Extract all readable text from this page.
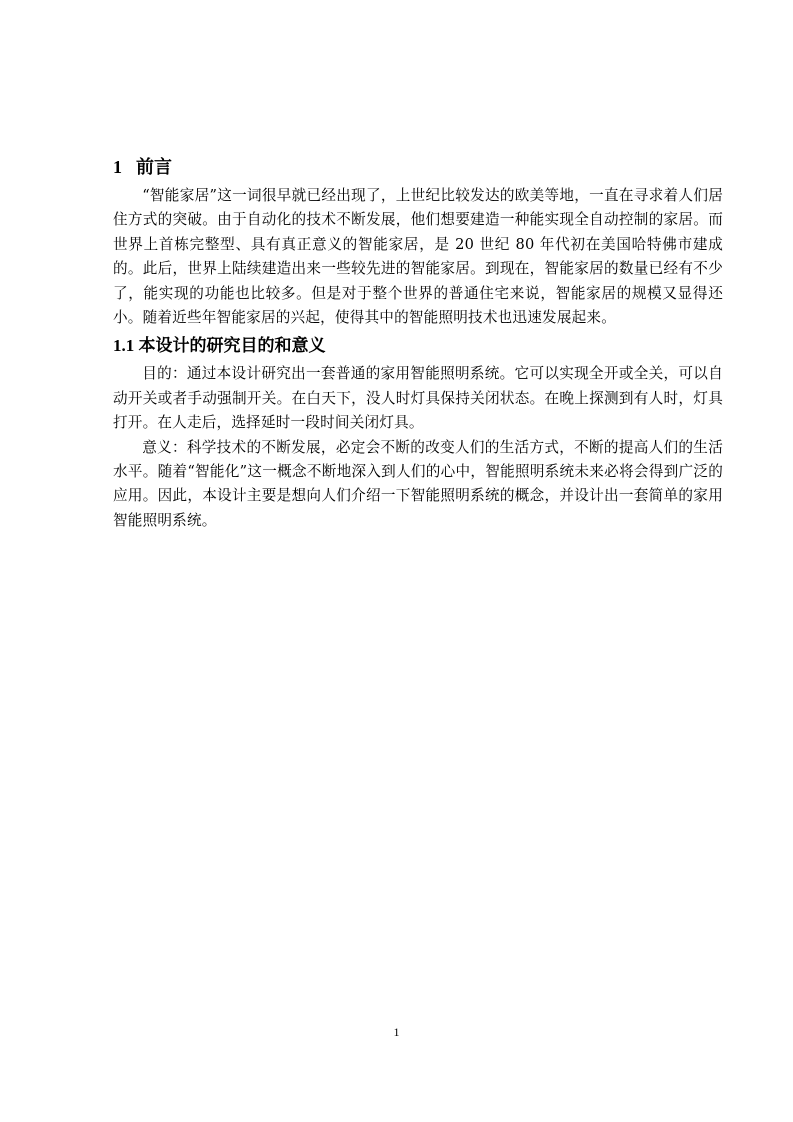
1 前言

“智能家居”这一词很早就已经出现了，上世纪比较发达的欧美等地，一直在寻求着人们居住方式的突破。由于自动化的技术不断发展，他们想要建造一种能实现全自动控制的家居。而世界上首栋完整型、具有真正意义的智能家居，是 20 世纪 80 年代初在美国哈特佛市建成的。此后，世界上陆续建造出来一些较先进的智能家居。到现在，智能家居的数量已经有不少了，能实现的功能也比较多。但是对于整个世界的普通住宅来说，智能家居的规模又显得还小。随着近些年智能家居的兴起，使得其中的智能照明技术也迅速发展起来。

1.1 本设计的研究目的和意义

目的：通过本设计研究出一套普通的家用智能照明系统。它可以实现全开或全关，可以自动开关或者手动强制开关。在白天下，没人时灯具保持关闭状态。在晚上探测到有人时，灯具打开。在人走后，选择延时一段时间关闭灯具。

意义：科学技术的不断发展，必定会不断的改变人们的生活方式，不断的提高人们的生活水平。随着“智能化”这一概念不断地深入到人们的心中，智能照明系统未来必将会得到广泛的应用。因此，本设计主要是想向人们介绍一下智能照明系统的概念，并设计出一套简单的家用智能照明系统。

1
